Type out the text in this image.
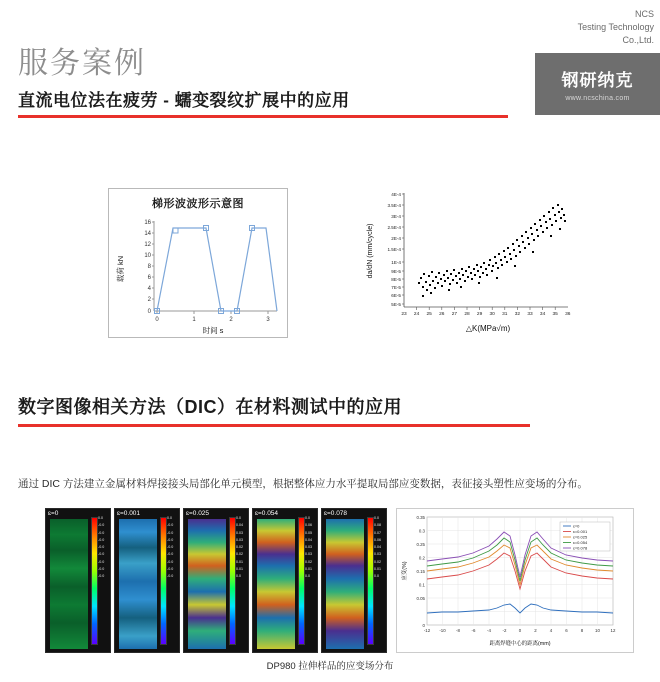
NCS
Testing Technology
Co.,Ltd.
钢研纳克
www.ncschina.com
服务案例
直流电位法在疲劳 - 蠕变裂纹扩展中的应用
梯形波波形示意图
16
14
12
10
8
6
4
2
0
0	1	2	3
时间 s
载荷 kN
4E-4
3.5E-4
3E-4
2.5E-4
2E-4
1.5E-4
1E-4
9E-5
8E-5
7E-5
6E-5
5E-5
23 24 25 26 27 28 29 30 31 32 33 34 35 36
△K(MPa√m)
da/dN (mm/cycle)
数字图像相关方法（DIC）在材料测试中的应用
通过 DIC 方法建立金属材料焊接接头局部化单元模型，根据整体应力水平提取局部应变数据，表征接头塑性应变场的分布。
ɛ=0
0.0
-0.0
-0.0
-0.0
-0.0
-0.0
-0.0
-0.0
-0.0
ɛ=0.001
0.0
-0.0
-0.0
-0.0
-0.0
-0.0
-0.0
-0.0
-0.0
ɛ=0.025
0.0
0.04
0.03
0.03
0.02
0.02
0.01
0.01
0.0
ɛ=0.054
0.0
0.06
0.05
0.04
0.03
0.03
0.02
0.01
0.0
ɛ=0.078
0.0
0.08
0.07
0.06
0.04
0.03
0.02
0.01
0.0
0.35
0.3
0.25
0.2
0.15
0.1
0.05
0
-12 -10 -8	-6	-4	-2	0	2	4	6	8	10 12
距离焊缝中心的距离(mm)
应变(%)
ɛ=0
ɛ=0.001
ɛ=0.025
ɛ=0.054
ɛ=0.078
DP980 拉伸样品的应变场分布
